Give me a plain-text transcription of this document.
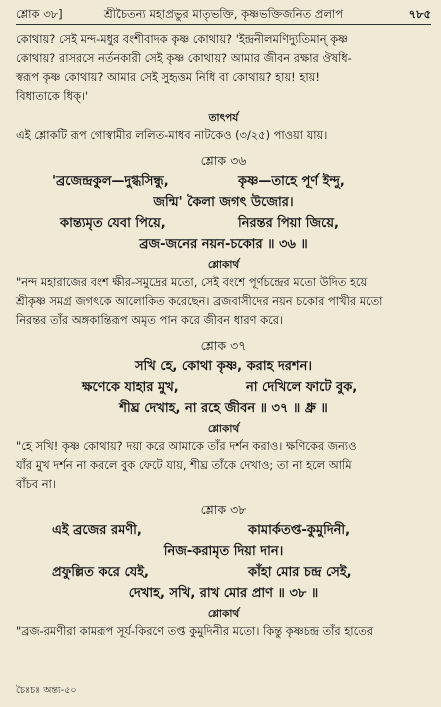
শ্লোক ৩৮]	শ্রীচৈতন্য মহাপ্রভুর মাতৃভক্তি, কৃষ্ণভক্তিজনিত প্রলাপ	৭৮৫

কোথায়? সেই মন্দ-মধুর বংশীবাদক কৃষ্ণ কোথায়? 'ইন্দ্রনীলমণিদ্যুতিমান্‌ কৃষ্ণ

কোথায়? রাসরসে নর্তনকারী সেই কৃষ্ণ কোথায়? আমার জীবন রক্ষার ঔষধি-

স্বরূপ কৃষ্ণ কোথায়? আমার সেই সুহৃত্তম নিধি বা কোথায়? হায়! হায়!

বিধাতাকে ধিক্‌।'

তাৎপর্য

এই শ্লোকটি রূপ গোস্বামীর ললিত-মাধব নাটকেও (৩/২৫) পাওয়া যায়।

শ্লোক ৩৬

'ব্রজেন্দ্রকুল—দুগ্ধসিন্ধু,	কৃষ্ণ—তাহে পূর্ণ ইন্দু,

জন্মি' কৈলা জগৎ উজোর।

কান্ত্যমৃত যেবা পিয়ে,	নিরন্তর পিয়া জিয়ে,

ব্রজ-জনের নয়ন-চকোর ॥ ৩৬ ॥

শ্লোকার্থ

"নন্দ মহারাজের বংশ ক্ষীর-সমুদ্রের মতো, সেই বংশে পূর্ণচন্দ্রের মতো উদিত হয়ে

শ্রীকৃষ্ণ সমগ্র জগৎকে আলোকিত করেছেন। ব্রজবাসীদের নয়ন চকোর পাখীর মতো

নিরন্তর তাঁর অঙ্গকান্তিরূপ অমৃত পান করে জীবন ধারণ করে।

শ্লোক ৩৭

সখি হে, কোথা কৃষ্ণ, করাহ দরশন।

ক্ষণেকে যাহার মুখ,	না দেখিলে ফাটে বুক,

শীঘ্র দেখাহ, না রহে জীবন ॥ ৩৭ ॥ ধ্রু ॥

শ্লোকার্থ

"হে সখি! কৃষ্ণ কোথায়? দয়া করে আমাকে তাঁর দর্শন করাও। ক্ষণিকের জন্যও

যাঁর মুখ দর্শন না করলে বুক ফেটে যায়, শীঘ্র তাঁকে দেখাও; তা না হলে আমি

বাঁচব না।

শ্লোক ৩৮

এই ব্রজের রমণী,	কামার্কতপ্ত-কুমুদিনী,

নিজ-করামৃত দিয়া দান।

প্রফুল্লিত করে যেই,	কাঁহা মোর চন্দ্র সেই,

দেখাহ, সখি, রাখ মোর প্রাণ ॥ ৩৮ ॥

শ্লোকার্থ

"ব্রজ-রমণীরা কামরূপ সূর্য-কিরণে তপ্ত কুমুদিনীর মতো। কিন্তু কৃষ্ণচন্দ্র তাঁর হাতের

চৈঃচঃ অন্ত্য-৫০
